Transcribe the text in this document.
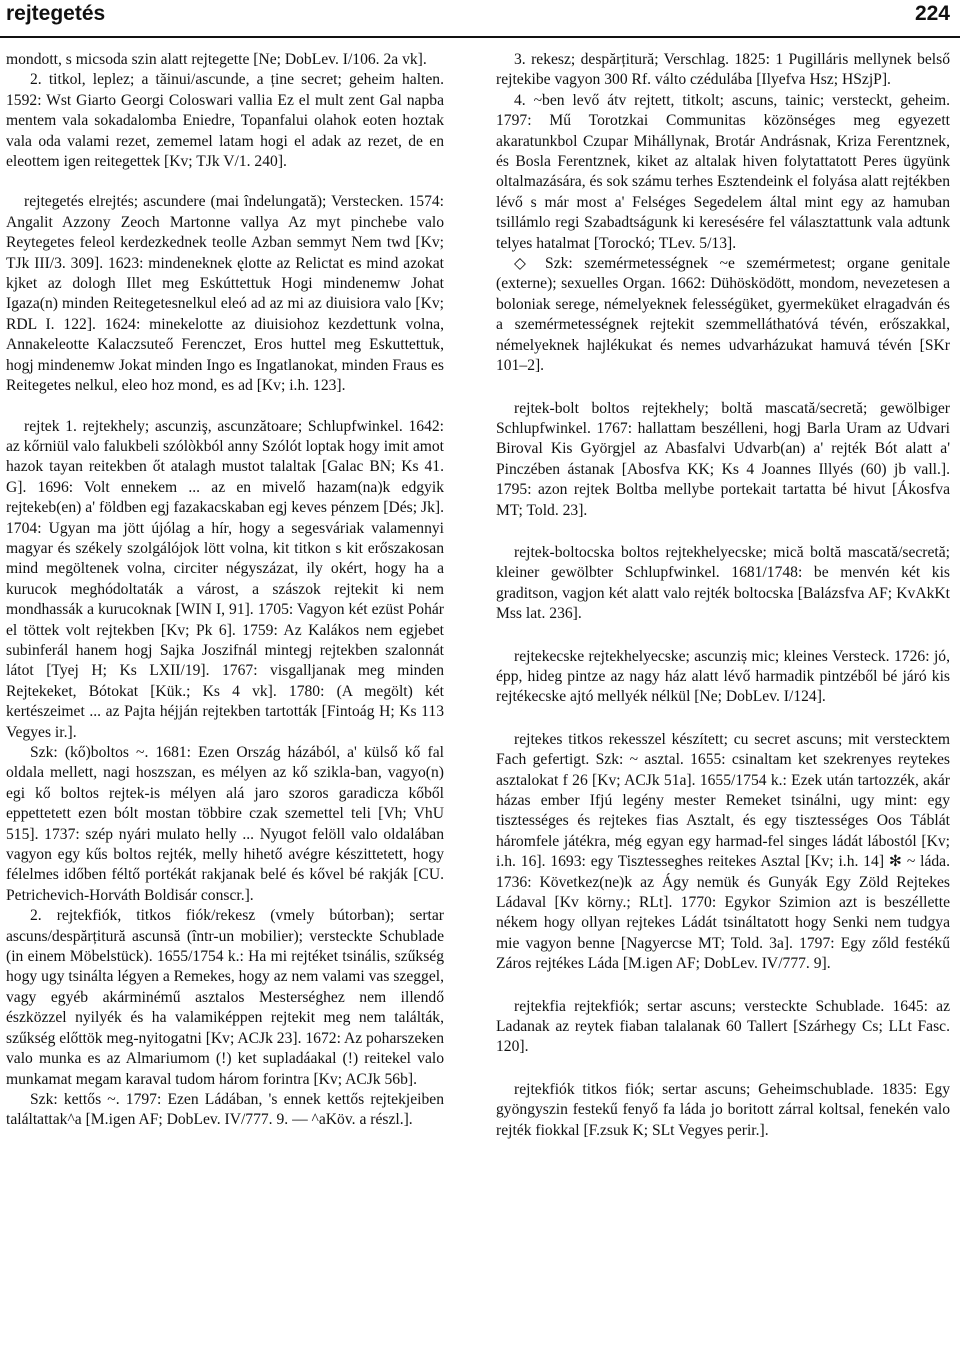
rejtegetés	224

mondott, s micsoda szin alatt rejtegette [Ne; DobLev. I/106. 2a vk].

2. titkol, leplez; a tăinui/ascunde, a ține secret; geheim halten. 1592: Wst Giarto Georgi Coloswari vallia Ez el mult zent Gal napba mentem vala sokadalomba Eniedre, Topanfalui olahok eoten hoztak vala oda valami rezet, zememel latam hogi el adak az rezet, de en eleottem igen reitegettek [Kv; TJk V/1. 240].

rejtegetés elrejtés; ascundere (mai îndelungată); Verstecken. 1574: Angalit Azzony Zeoch Martonne vallya Az myt pinchebe valo Reytegetes feleol kerdezkednek teolle Azban semmyt Nem twd [Kv; TJk III/3. 309]. 1623: mindeneknek ęlotte az Relictat es mind azokat kjket az dologh Illet meg Eskúttettuk Hogi mindenemw Johat Igaza(n) minden Reitegetesnelkul eleó ad az mi az diuisiora valo [Kv; RDL I. 122]. 1624: minekelotte az diuisiohoz kezdettunk volna, Annakeleotte Kalaczsuteő Ferenczet, Eros huttel meg Eskuttettuk, hogj mindenemw Jokat minden Ingo es Ingatlanokat, minden Fraus es Reitegetes nelkul, eleo hoz mond, es ad [Kv; i.h. 123].

rejtek 1. rejtekhely; ascunziş, ascunzătoare; Schlupfwinkel. 1642: az kőrniül valo falukbeli szólòkból anny Szólót loptak hogy imit amot hazok tayan reitekben őt atalagh mustot talaltak [Galac BN; Ks 41. G]. 1696: Volt ennekem ... az en mivelő hazam(na)k edgyik rejtekeb(en) a' földben egj fazakacskaban egj keves pénzem [Dés; Jk]. 1704: Ugyan ma jött újólag a hír, hogy a segesváriak valamennyi magyar és székely szolgálójok lött volna, kit titkon s kit erőszakosan mind megöltenek volna, circiter négyszázat, ily okért, hogy ha a kurucok meghódoltaták a várost, a szászok rejtekit ki nem mondhassák a kurucoknak [WIN I, 91]. 1705: Vagyon két ezüst Pohár el töttek volt rejtekben [Kv; Pk 6]. 1759: Az Kalákos nem egjebet subinferál hanem hogj Sajka Joszifnál mintegj rejtekben szalonnát látot [Tyej H; Ks LXII/19]. 1767: visgalljanak meg minden Rejtekeket, Bótokat [Kük.; Ks 4 vk]. 1780: (A megölt) két kertészeimet ... az Pajta héjján rejtekben tartották [Fintoág H; Ks 113 Vegyes ir.].

Szk: (kő)boltos ~. 1681: Ezen Ország házából, a' külső kő fal oldala mellett, nagi hoszszan, es mélyen az kő szikla-ban, vagyo(n) egi kő boltos rejtek-is mélyen alá jaro szoros garadicza kőből eppettetett ezen bólt mostan többire czak szemettel teli [Vh; VhU 515]. 1737: szép nyári mulato helly ... Nyugot felöll valo oldalában vagyon egy kűs boltos rejték, melly hihető avégre készittetett, hogy félelmes időben féltő portékát rakjanak belé és kővel bé rakják [CU. Petrichevich-Horváth Boldisár conscr.].

2. rejtekfiók, titkos fiók/rekesz (vmely bútorban); sertar ascuns/despărțitură ascunsă (într-un mobilier); versteckte Schublade (in einem Möbelstück). 1655/1754 k.: Ha mi rejtéket tsinális, szűkség hogy ugy tsinálta légyen a Remekes, hogy az nem valami vas szeggel, vagy egyéb akárminémű asztalos Mesterséghez nem illendő észközzel nyilyék és ha valamiképpen rejtekit meg nem találták, szűkség előttök meg-nyitogatni [Kv; ACJk 23]. 1672: Az poharszeken valo munka es az Almariumom (!) ket supladáakal (!) reitekel valo munkamat megam karaval tudom három forintra [Kv; ACJk 56b].

Szk: kettős ~. 1797: Ezen Ládában, 's ennek kettős rejtekjeiben találtattak^a [M.igen AF; DobLev. IV/777. 9. — ^aKöv. a részl.].

3. rekesz; despărțitură; Verschlag. 1825: 1 Pugilláris mellynek belső rejtekibe vagyon 300 Rf. válto czédulába [Ilyefva Hsz; HSzjP].

4. ~ben levő átv rejtett, titkolt; ascuns, tainic; versteckt, geheim. 1797: Mű Torotzkai Communitas közönséges meg egyezett akaratunkbol Czupar Mihállynak, Brotár Andrásnak, Kriza Ferentznek, és Bosla Ferentznek, kiket az altalak hiven folytattatott Peres ügyünk oltalmazására, és sok számu terhes Esztendeink el folyása alatt rejtékben lévő s már most a' Felséges Segedelem által mint egy az hamuban tsillámlo regi Szabadtságunk ki keresésére fel választattunk vala adtunk telyes hatalmat [Torockó; TLev. 5/13].

◇ Szk: szemérmetességnek ~e szemérmetest; organe genitale (externe); sexuelles Organ. 1662: Dühösködött, mondom, nevezetesen a boloniak serege, némelyeknek felességüket, gyermeküket elragadván és a szemérmetességnek rejtekit szemmelláthatóvá tévén, erőszakkal, némelyeknek hajlékukat és nemes udvarházukat hamuvá tévén [SKr 101–2].

rejtek-bolt boltos rejtekhely; boltă mascată/secretă; gewölbiger Schlupfwinkel. 1767: hallattam beszélleni, hogj Barla Uram az Udvari Biroval Kis Györgjel az Abasfalvi Udvarb(an) a' rejték Bót alatt a' Pinczében ástanak [Abosfva KK; Ks 4 Joannes Illyés (60) jb vall.]. 1795: azon rejtek Boltba mellybe portekait tartatta bé hivut [Ákosfva MT; Told. 23].

rejtek-boltocska boltos rejtekhelyecske; mică boltă mascată/secretă; kleiner gewölbter Schlupfwinkel. 1681/1748: be menvén két kis graditson, vagjon két alatt valo rejték boltocska [Balázsfva AF; KvAkKt Mss lat. 236].

rejtekecske rejtekhelyecske; ascunziș mic; kleines Versteck. 1726: jó, épp, hideg pintze az nagy ház alatt lévő harmadik pintzéből bé járó kis rejtékecske ajtó mellyék nélkül [Ne; DobLev. I/124].

rejtekes titkos rekesszel készített; cu secret ascuns; mit verstecktem Fach gefertigt. Szk: ~ asztal. 1655: csinaltam ket szekrenyes reytekes asztalokat f 26 [Kv; ACJk 51a]. 1655/1754 k.: Ezek után tartozzék, akár házas ember Ifjú legény mester Remeket tsinálni, ugy mint: egy tisztességes és rejtekes fias Asztalt, és egy tisztességes Oos Táblát háromfele játékra, még egyan egy harmad-fel singes ládát lábostól [Kv; i.h. 16]. 1693: egy Tisztesseghes reitekes Asztal [Kv; i.h. 14] ✻ ~ láda. 1736: Következ(ne)k az Ágy nemük és Gunyák Egy Zöld Rejtekes Ládaval [Kv körny.; RLt]. 1770: Egykor Szimion azt is beszéllette nékem hogy ollyan rejtekes Ládát tsináltatott hogy Senki nem tudgya mie vagyon benne [Nagyercse MT; Told. 3a]. 1797: Egy zőld festékű Záros rejtékes Láda [M.igen AF; DobLev. IV/777. 9].

rejtekfia rejtekfiók; sertar ascuns; versteckte Schublade. 1645: az Ladanak az reytek fiaban talalanak 60 Tallert [Szárhegy Cs; LLt Fasc. 120].

rejtekfiók titkos fiók; sertar ascuns; Geheimschublade. 1835: Egy gyöngyszin festekű fenyő fa láda jo boritott zárral koltsal, fenekén valo rejték fiokkal [F.zsuk K; SLt Vegyes perir.].
